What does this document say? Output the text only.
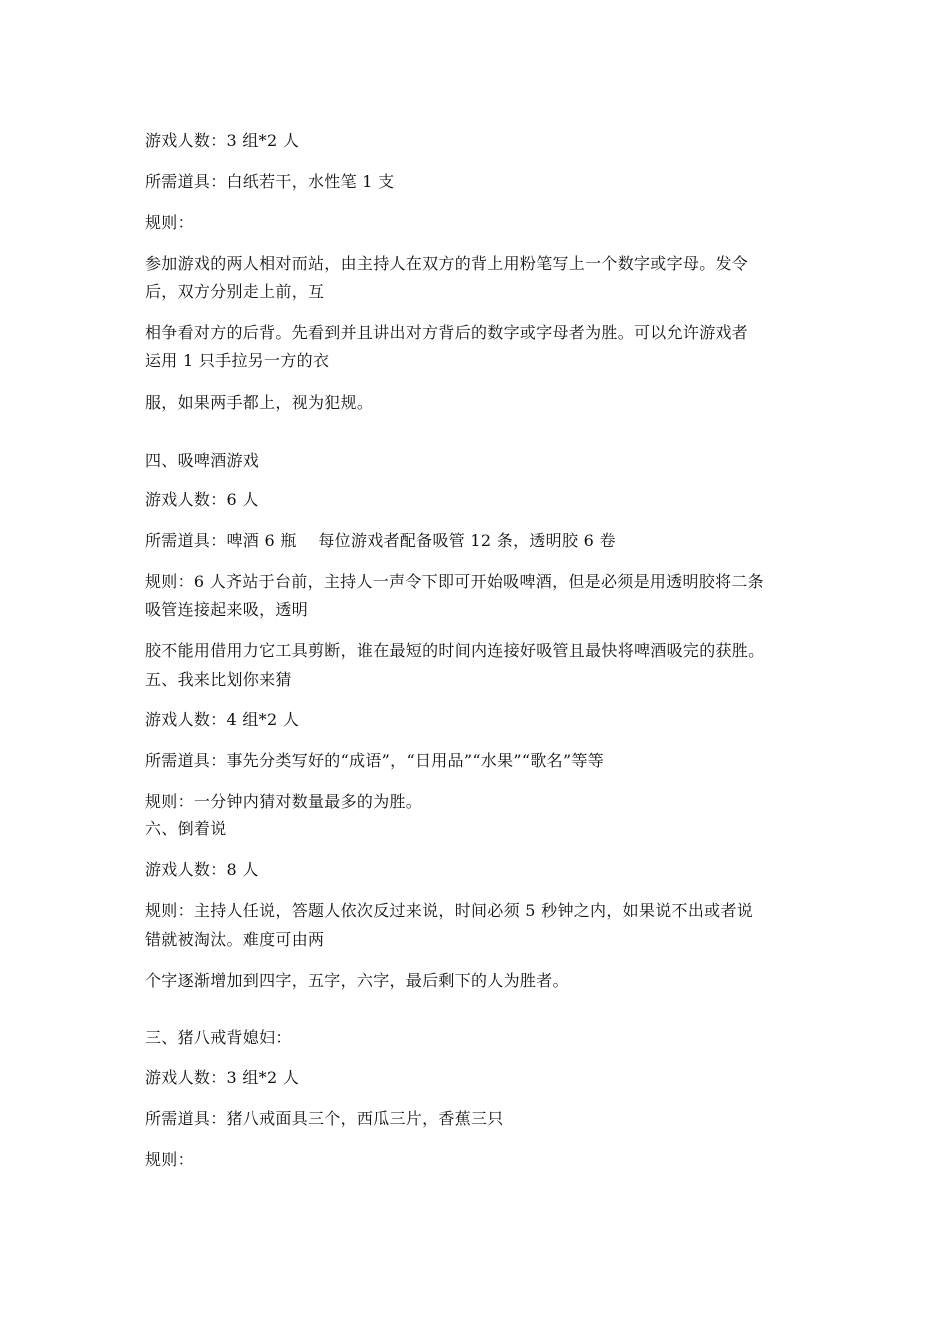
游戏人数：3 组*2 人
所需道具：白纸若干，水性笔 1 支
规则：
参加游戏的两人相对而站，由主持人在双方的背上用粉笔写上一个数字或字母。发令
后，双方分别走上前，互
相争看对方的后背。先看到并且讲出对方背后的数字或字母者为胜。可以允许游戏者
运用 1 只手拉另一方的衣
服，如果两手都上，视为犯规。
四、吸啤酒游戏
游戏人数：6 人
所需道具：啤酒 6 瓶　 每位游戏者配备吸管 12 条，透明胶 6 卷
规则：6 人齐站于台前，主持人一声令下即可开始吸啤酒，但是必须是用透明胶将二条
吸管连接起来吸，透明
胶不能用借用力它工具剪断，谁在最短的时间内连接好吸管且最快将啤酒吸完的获胜。
五、我来比划你来猜
游戏人数：4 组*2 人
所需道具：事先分类写好的“成语”，“日用品”“水果”“歌名”等等
规则：一分钟内猜对数量最多的为胜。
六、倒着说
游戏人数：8 人
规则：主持人任说，答题人依次反过来说，时间必须 5 秒钟之内，如果说不出或者说
错就被淘汰。难度可由两
个字逐渐增加到四字，五字，六字，最后剩下的人为胜者。
三、猪八戒背媳妇：
游戏人数：3 组*2 人
所需道具：猪八戒面具三个，西瓜三片，香蕉三只
规则：
